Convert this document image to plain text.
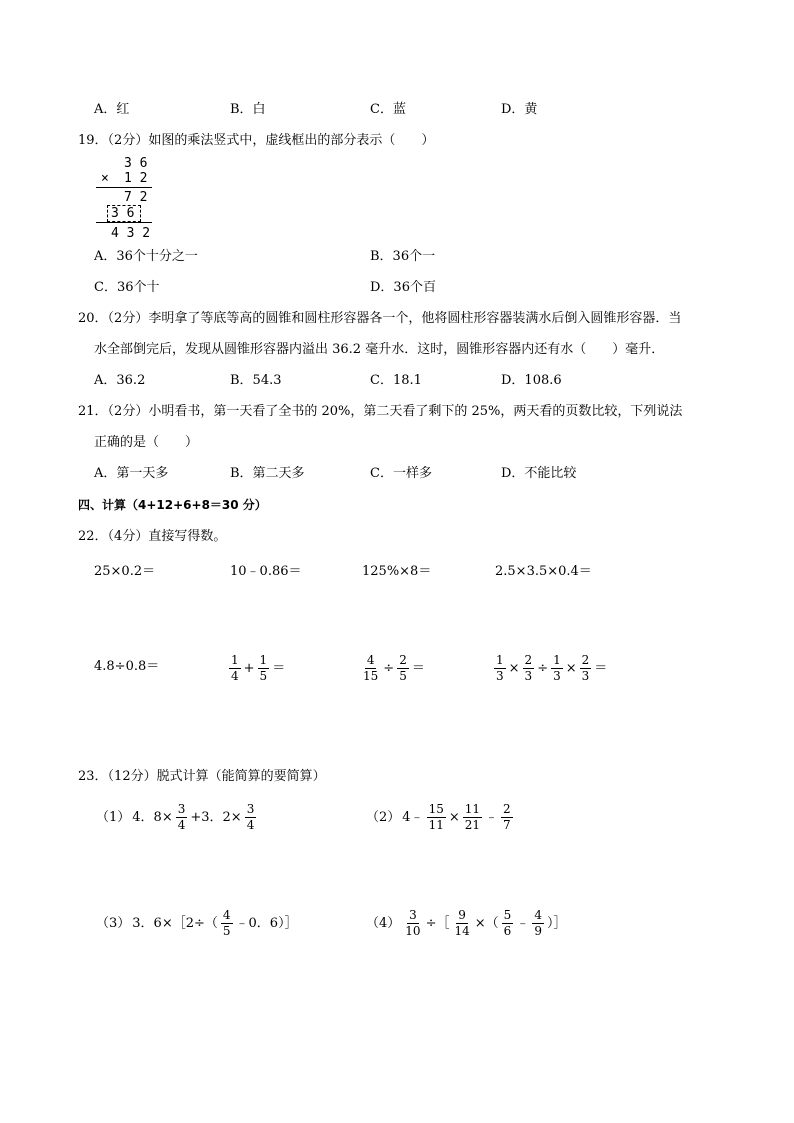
A．红	B．白	C．蓝	D．黄
19．（2分）如图的乘法竖式中，虚线框出的部分表示（　　）
3 6
× 1 2
7 2
3 6
4 3 2
A．36个十分之一	B．36个一
C．36个十	D．36个百
20．（2分）李明拿了等底等高的圆锥和圆柱形容器各一个，他将圆柱形容器装满水后倒入圆锥形容器．当
水全部倒完后，发现从圆锥形容器内溢出 36.2 毫升水．这时，圆锥形容器内还有水（　　）毫升．
A．36.2	B．54.3	C．18.1	D．108.6
21．（2分）小明看书，第一天看了全书的 20%，第二天看了剩下的 25%，两天看的页数比较，下列说法
正确的是（　　）
A．第一天多	B．第二天多	C．一样多	D．不能比较
四、计算（4+12+6+8＝30 分）
22．（4分）直接写得数。
25×0.2＝	10﹣0.86＝	125%×8＝	2.5×3.5×0.4＝
4.8÷0.8＝	$\frac{1}{4} + \frac{1}{5}$ ＝	$\frac{4}{15} \div \frac{2}{5}$ ＝	$\frac{1}{3} \times \frac{2}{3} \div \frac{1}{3} \times \frac{2}{3}$ ＝
23．（12分）脱式计算（能简算的要简算）
（1） 4．$8\times \frac{3}{4} +3$．$2\times \frac{3}{4}$	（2） 4﹣ $\frac{15}{11} \times \frac{11}{21}$ ﹣ $\frac{2}{7}$
（3） 3．6×［2÷（ $\frac{4}{5}$ ﹣0．6）］	$(4) \frac{3}{10}$ ÷［ $\frac{9}{14}$ ×（ $\frac{5}{6}$ ﹣ $\frac{4}{9}$ ）］
